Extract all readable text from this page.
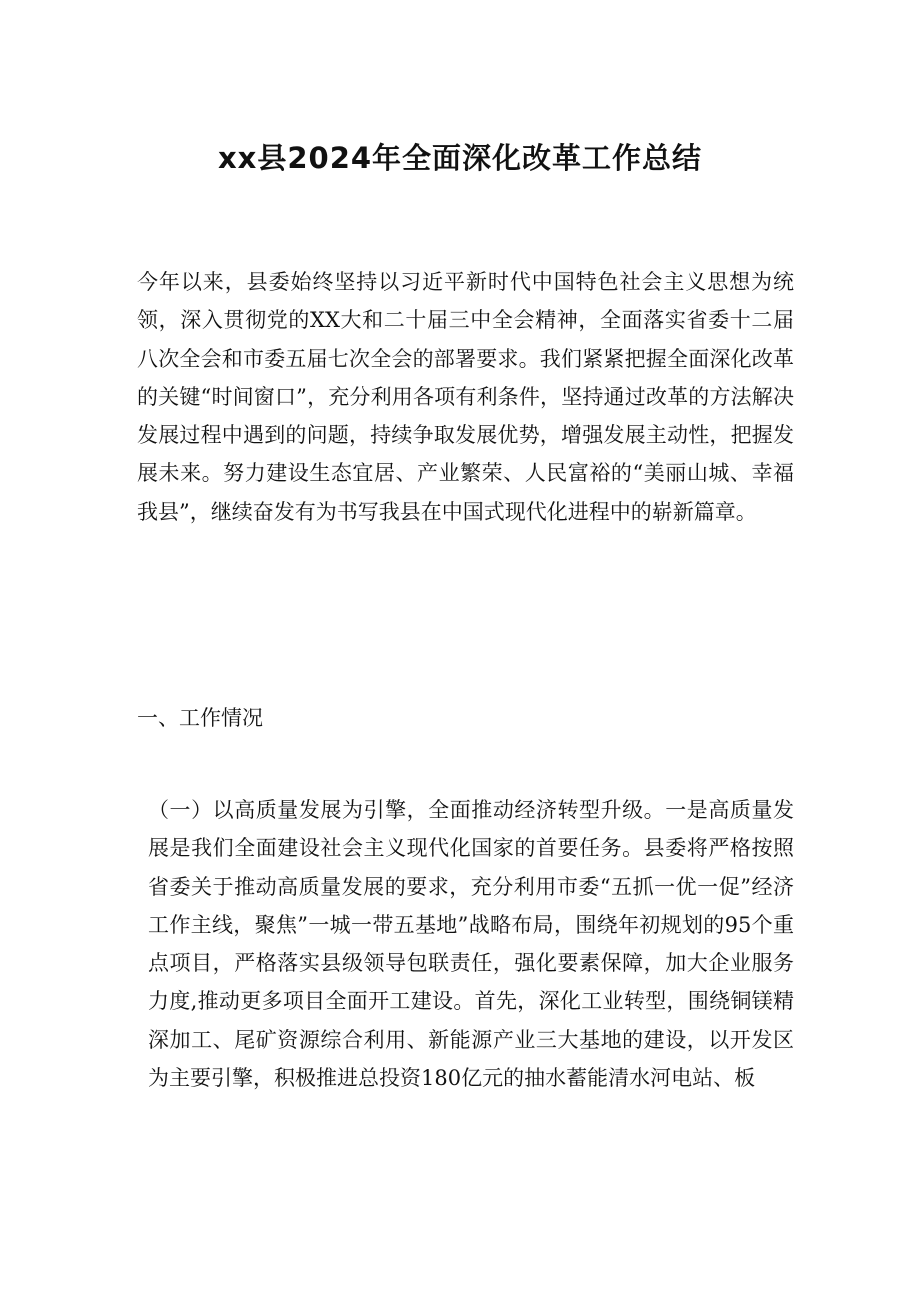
xx县2024年全面深化改革工作总结

今年以来，县委始终坚持以习近平新时代中国特色社会主义思想为统领，深入贯彻党的XX大和二十届三中全会精神，全面落实省委十二届八次全会和市委五届七次全会的部署要求。我们紧紧把握全面深化改革的关键“时间窗口”，充分利用各项有利条件，坚持通过改革的方法解决发展过程中遇到的问题，持续争取发展优势，增强发展主动性，把握发展未来。努力建设生态宜居、产业繁荣、人民富裕的“美丽山城、幸福我县”，继续奋发有为书写我县在中国式现代化进程中的崭新篇章。

一、工作情况

（一）以高质量发展为引擎，全面推动经济转型升级。一是高质量发展是我们全面建设社会主义现代化国家的首要任务。县委将严格按照省委关于推动高质量发展的要求，充分利用市委“五抓一优一促”经济工作主线，聚焦”一城一带五基地”战略布局，围绕年初规划的95个重点项目，严格落实县级领导包联责任，强化要素保障，加大企业服务力度,推动更多项目全面开工建设。首先，深化工业转型，围绕铜镁精深加工、尾矿资源综合利用、新能源产业三大基地的建设，以开发区为主要引擎，积极推进总投资180亿元的抽水蓄能清水河电站、板
